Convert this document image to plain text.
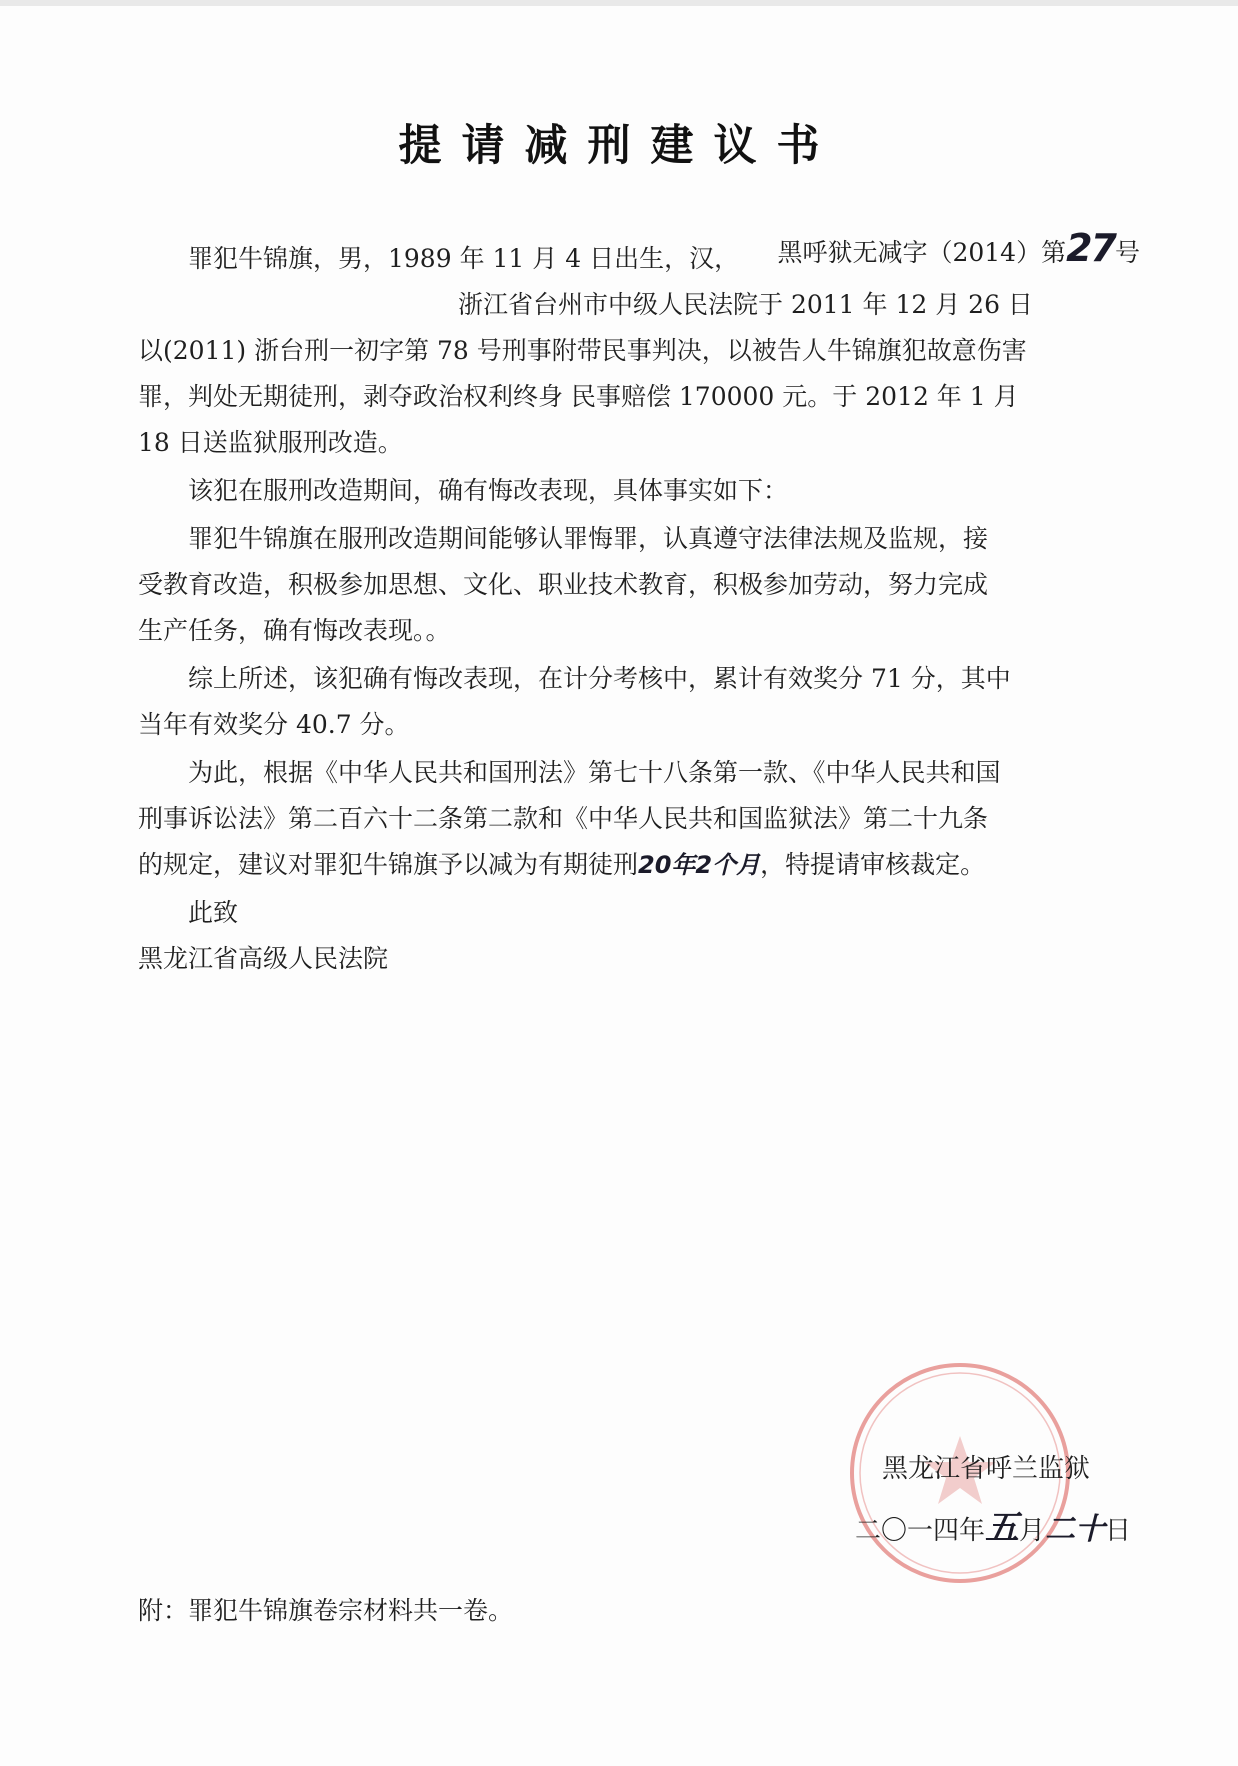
提请减刑建议书
黑呼狱无减字（2014）第27号
罪犯牛锦旗，男，1989 年 11 月 4 日出生，汉，
浙江省台州市中级人民法院于 2011 年 12 月 26 日
以(2011) 浙台刑一初字第 78 号刑事附带民事判决，以被告人牛锦旗犯故意伤害
罪，判处无期徒刑，剥夺政治权利终身 民事赔偿 170000 元。于 2012 年 1 月
18 日送监狱服刑改造。
该犯在服刑改造期间，确有悔改表现，具体事实如下：
罪犯牛锦旗在服刑改造期间能够认罪悔罪，认真遵守法律法规及监规，接
受教育改造，积极参加思想、文化、职业技术教育，积极参加劳动，努力完成
生产任务，确有悔改表现。。
综上所述，该犯确有悔改表现，在计分考核中，累计有效奖分 71 分，其中
当年有效奖分 40.7 分。
为此，根据《中华人民共和国刑法》第七十八条第一款、《中华人民共和国
刑事诉讼法》第二百六十二条第二款和《中华人民共和国监狱法》第二十九条
的规定，建议对罪犯牛锦旗予以减为有期徒刑20年2个月，特提请审核裁定。
此致
黑龙江省高级人民法院
黑龙江省呼兰监狱
二〇一四年五月二十日
附：罪犯牛锦旗卷宗材料共一卷。
